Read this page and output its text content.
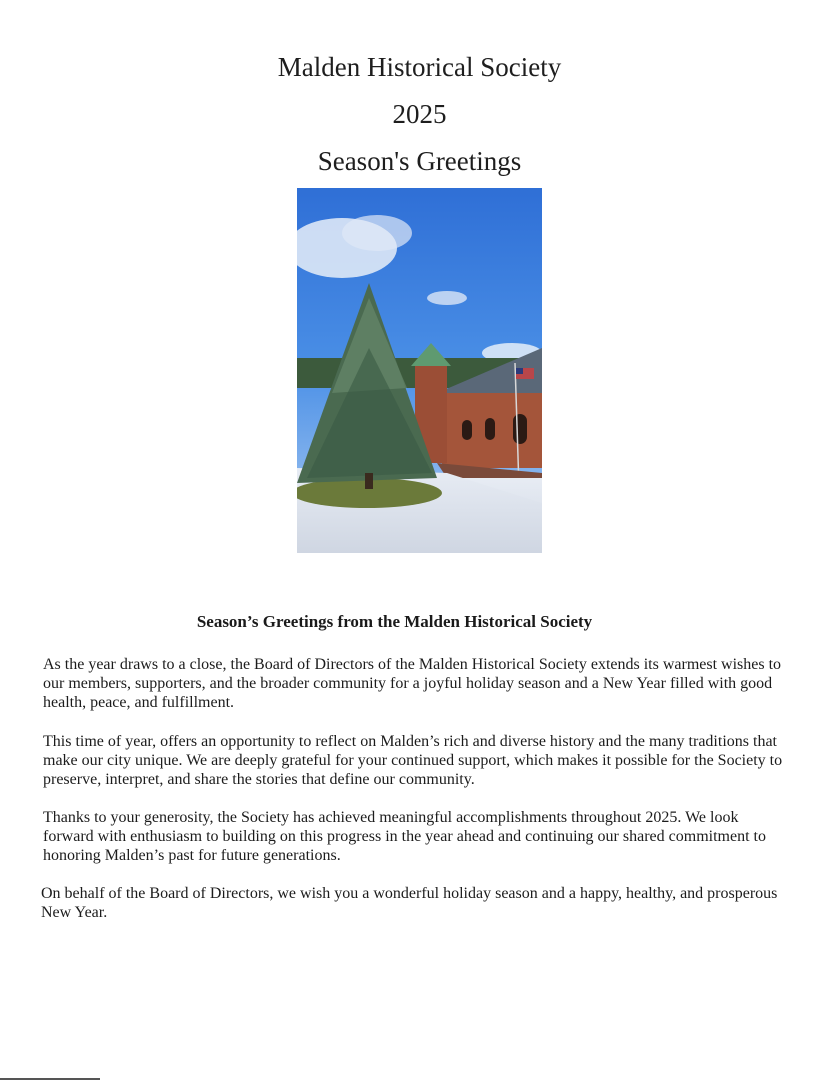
Malden Historical Society
2025
Season's Greetings
Season’s Greetings from the Malden Historical Society

As the year draws to a close, the Board of Directors of the Malden Historical Society extends its warmest wishes to our members, supporters, and the broader community for a joyful holiday season and a New Year filled with good health, peace, and fulfillment.

This time of year, offers an opportunity to reflect on Malden’s rich and diverse history and the many traditions that make our city unique. We are deeply grateful for your continued support, which makes it possible for the Society to preserve, interpret, and share the stories that define our community.

Thanks to your generosity, the Society has achieved meaningful accomplishments throughout 2025. We look forward with enthusiasm to building on this progress in the year ahead and continuing our shared commitment to honoring Malden’s past for future generations.

On behalf of the Board of Directors, we wish you a wonderful holiday season and a happy, healthy, and prosperous New Year.
